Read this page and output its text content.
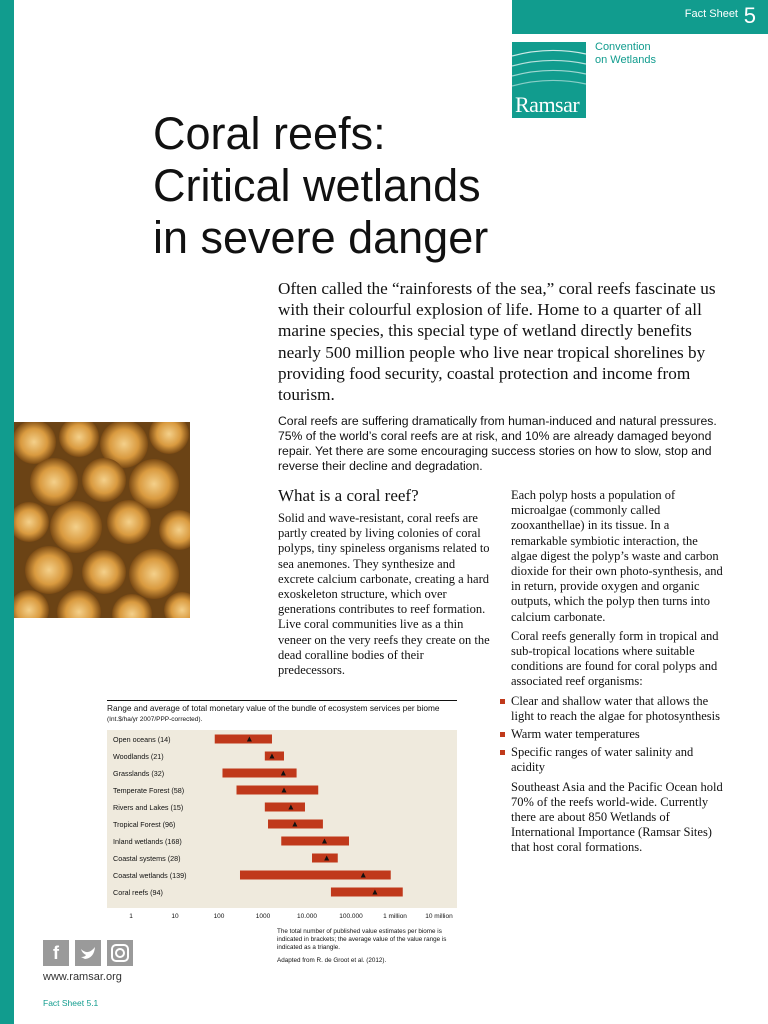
Fact Sheet 5
Ramsar
Convention
on Wetlands
Coral reefs:
Critical wetlands
in severe danger
Often called the “rainforests of the sea,” coral reefs fascinate us with their colourful explosion of life. Home to a quarter of all marine species, this special type of wetland directly benefits nearly 500 million people who live near tropical shorelines by providing food security, coastal protection and income from tourism.
Coral reefs are suffering dramatically from human-induced and natural pressures. 75% of the world’s coral reefs are at risk, and 10% are already damaged beyond repair. Yet there are some encouraging success stories on how to slow, stop and reverse their decline and degradation.
What is a coral reef?
Solid and wave-resistant, coral reefs are partly created by living colonies of coral polyps, tiny spineless organisms related to sea anemones. They synthesize and excrete calcium carbonate, creating a hard exoskeleton structure, which over generations contributes to reef formation. Live coral communities live as a thin veneer on the very reefs they create on the dead coralline bodies of their predecessors.

Each polyp hosts a population of microalgae (commonly called zooxanthellae) in its tissue. In a remarkable symbiotic interaction, the algae digest the polyp’s waste and carbon dioxide for their own photo-synthesis, and in return, provide oxygen and organic outputs, which the polyp then turns into calcium carbonate.

Coral reefs generally form in tropical and sub-tropical locations where suitable conditions are found for coral polyps and associated reef organisms:

Clear and shallow water that allows the light to reach the algae for photosynthesis
Warm water temperatures
Specific ranges of water salinity and acidity

Southeast Asia and the Pacific Ocean hold 70% of the reefs world-wide. Currently there are about 850 Wetlands of International Importance (Ramsar Sites) that host coral formations.

Range and average of total monetary value of the bundle of ecosystem services per biome (Int.$/ha/yr 2007/PPP-corrected).
Open oceans (14)
Woodlands (21)
Grasslands (32)
Temperate Forest (58)
Rivers and Lakes (15)
Tropical Forest (96)
Inland wetlands (168)
Coastal systems (28)
Coastal wetlands (139)
Coral reefs (94)
1	10	100	1000	10.000	100.000	1 million	10 million
The total number of published value estimates per biome is indicated in brackets; the average value of the value range is indicated as a triangle.
Adapted from R. de Groot et al. (2012).
f
www.ramsar.org
Fact Sheet 5.1
